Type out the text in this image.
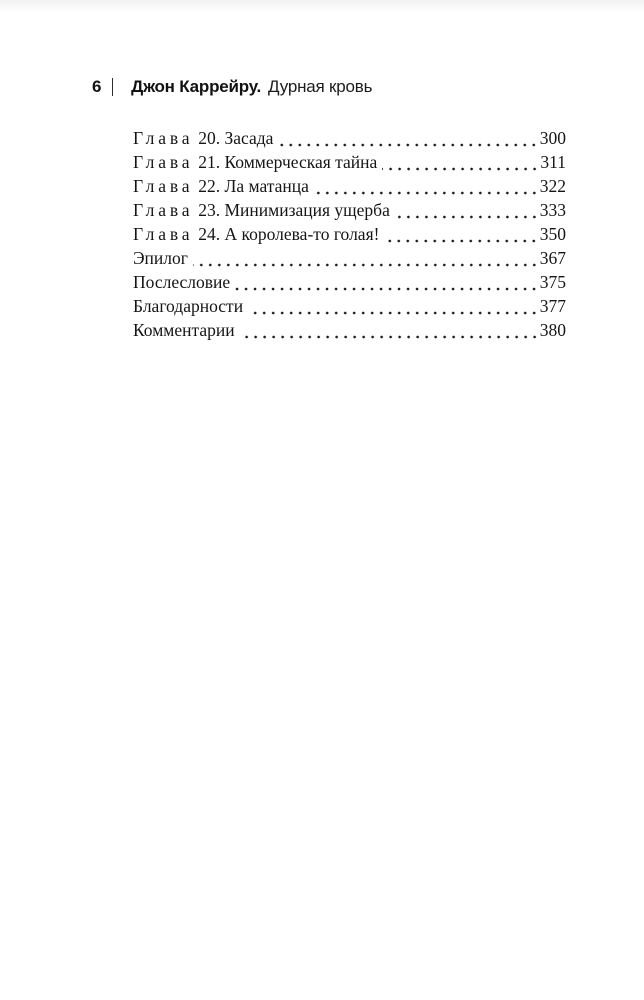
6 Джон Каррейру. Дурная кровь
Глава 20. Засада	300
Глава 21. Коммерческая тайна	311
Глава 22. Ла матанца	322
Глава 23. Минимизация ущерба	333
Глава 24. А королева-то голая!	350
Эпилог	367
Послесловие	375
Благодарности	377
Комментарии	380
